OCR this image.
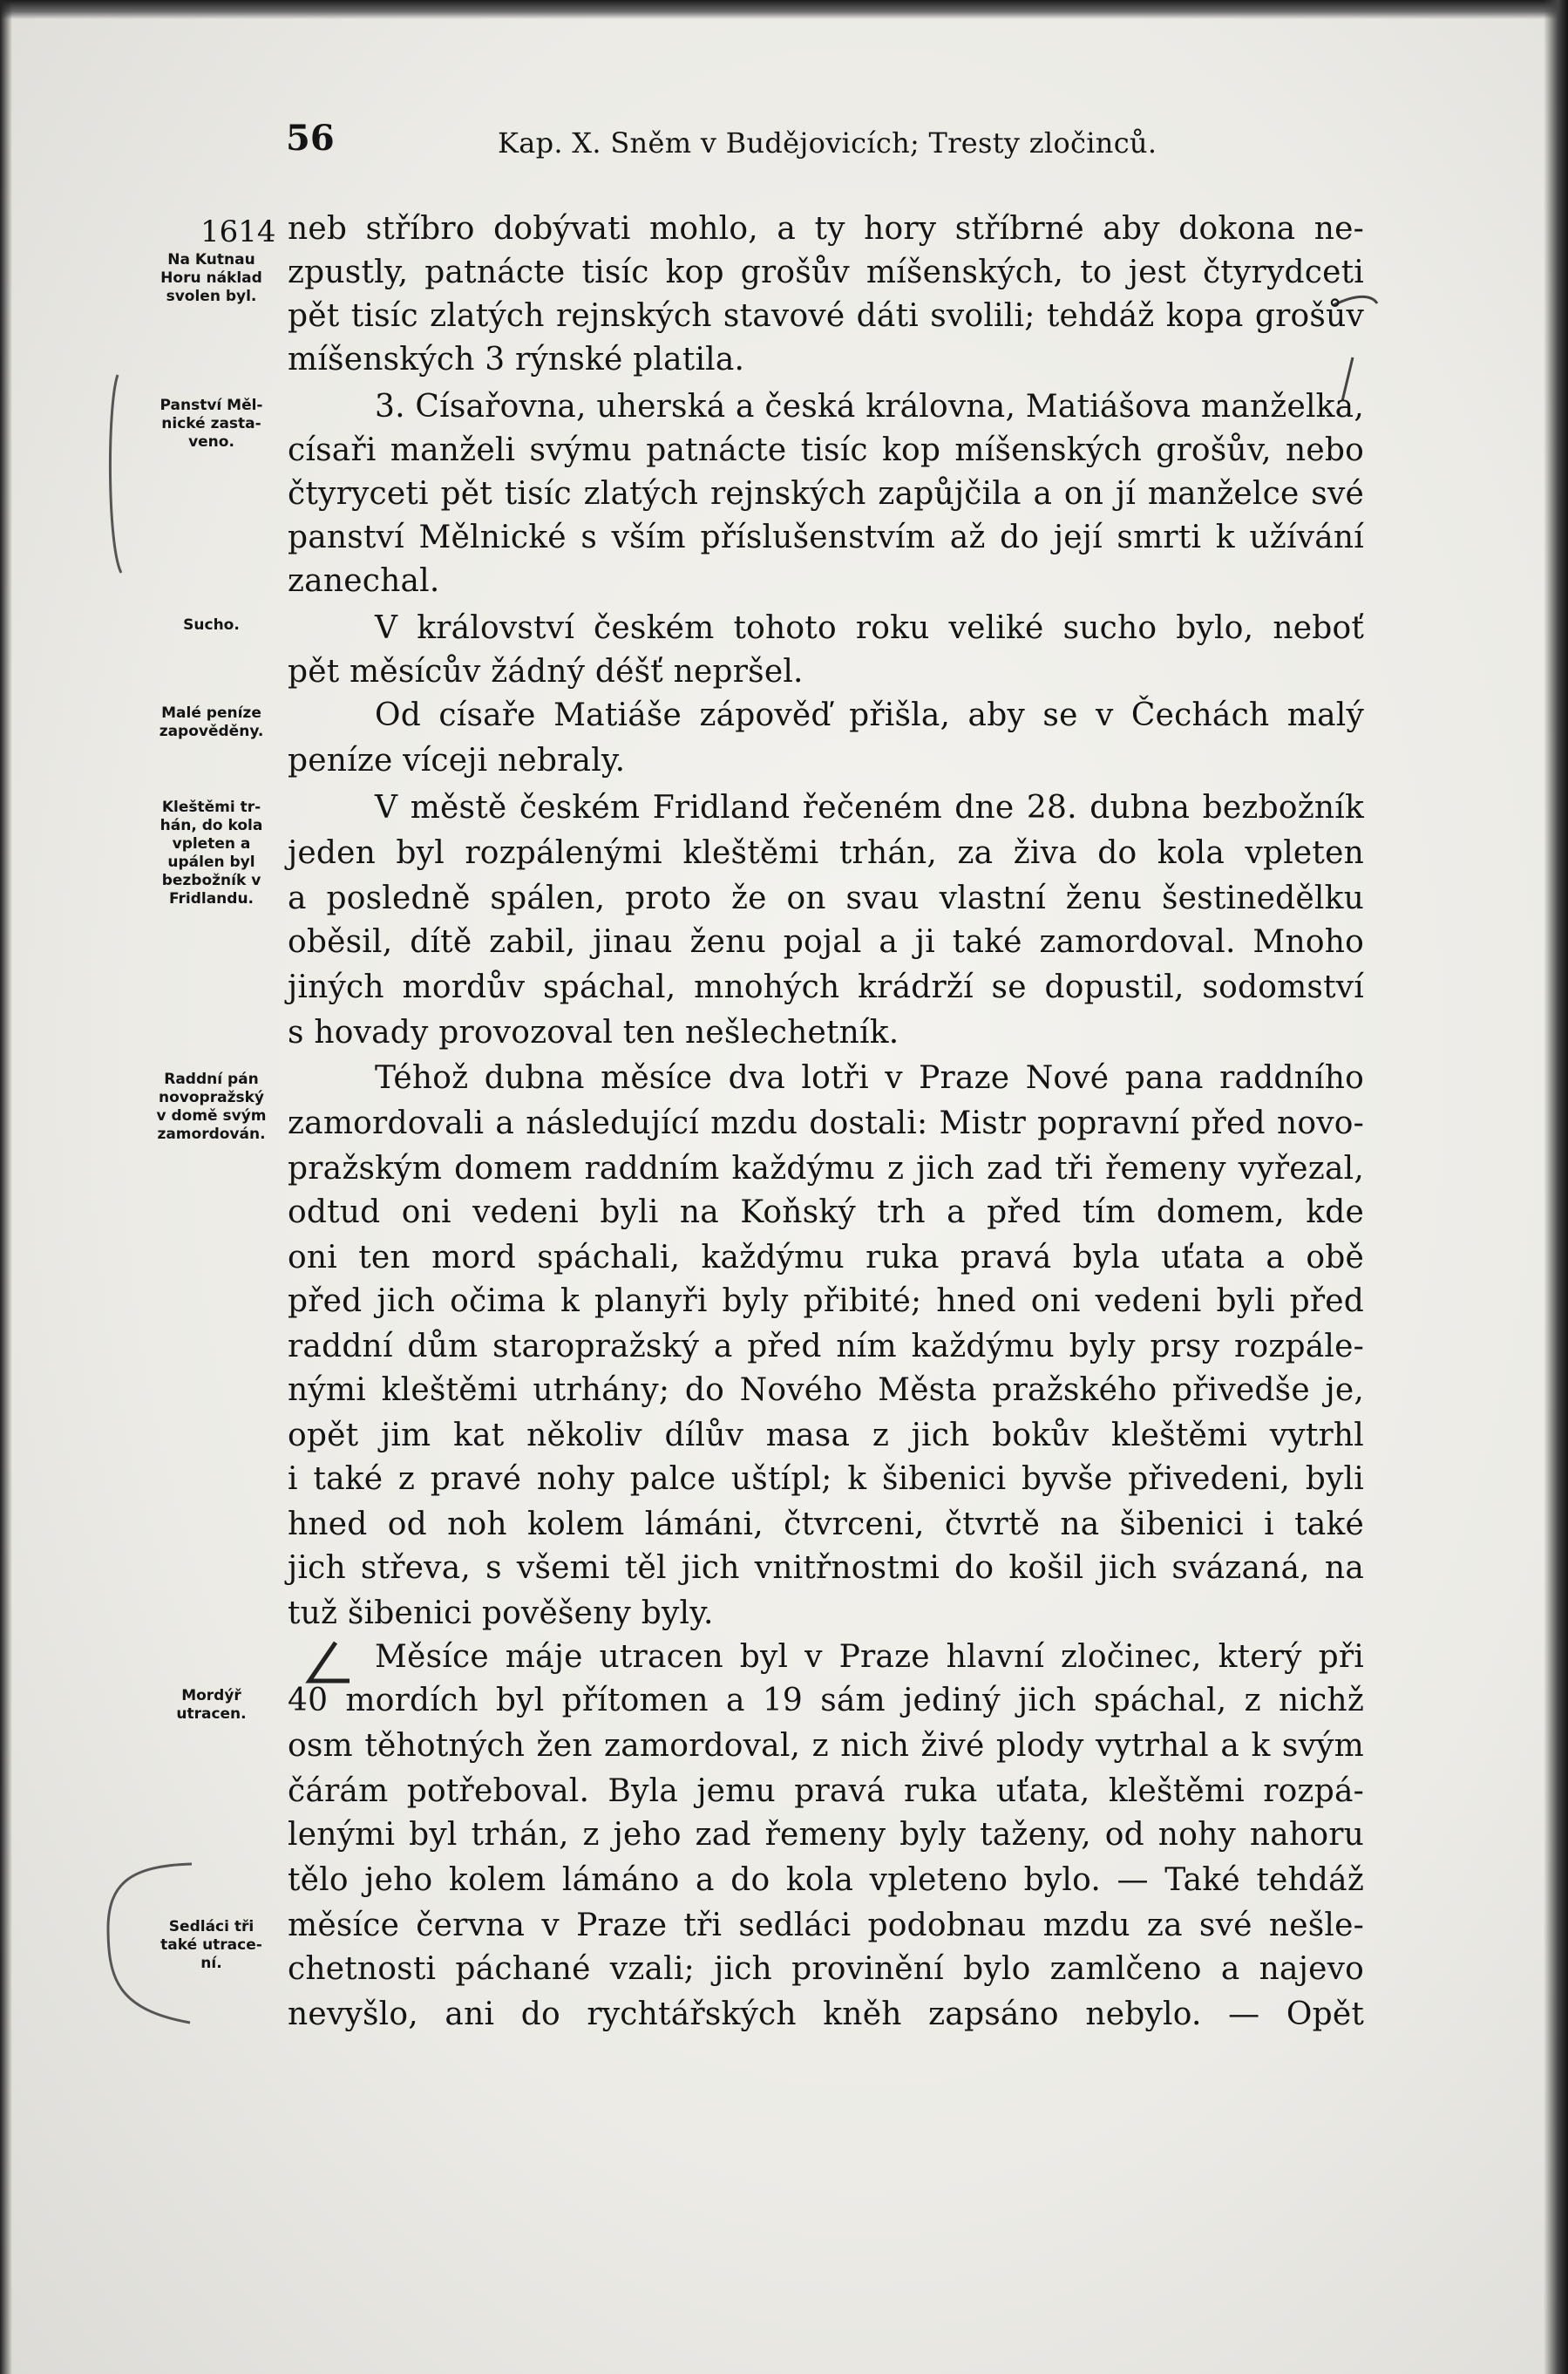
56	Kap. X. Sněm v Budějovicích; Tresty zločinců.
1614
Na Kutnau
Horu náklad
svolen byl.
Panství Měl-
nické zasta-
veno.
Sucho.
Malé peníze
zapověděny.
Kleštěmi tr-
hán, do kola
vpleten a
upálen byl
bezbožník v
Fridlandu.
Raddní pán
novopražský
v domě svým
zamordován.
Mordýř
utracen.
Sedláci tři
také utrace-
ní.
neb stříbro dobývati mohlo, a ty hory stříbrné aby dokona ne-
zpustly, patnácte tisíc kop grošův míšenských, to jest čtyrydceti
pět tisíc zlatých rejnských stavové dáti svolili; tehdáž kopa grošův
míšenských 3 rýnské platila.
3. Císařovna, uherská a česká královna, Matiášova manželka,
císaři manželi svýmu patnácte tisíc kop míšenských grošův, nebo
čtyryceti pět tisíc zlatých rejnských zapůjčila a on jí manželce své
panství Mělnické s vším příslušenstvím až do její smrti k užívání
zanechal.
V království českém tohoto roku veliké sucho bylo, neboť
pět měsícův žádný déšť nepršel.
Od císaře Matiáše zápověď přišla, aby se v Čechách malý
peníze víceji nebraly.
V městě českém Fridland řečeném dne 28. dubna bezbožník
jeden byl rozpálenými kleštěmi trhán, za živa do kola vpleten
a posledně spálen, proto že on svau vlastní ženu šestinedělku
oběsil, dítě zabil, jinau ženu pojal a ji také zamordoval. Mnoho
jiných mordův spáchal, mnohých krádrží se dopustil, sodomství
s hovady provozoval ten nešlechetník.
Téhož dubna měsíce dva lotři v Praze Nové pana raddního
zamordovali a následující mzdu dostali: Mistr popravní před novo-
pražským domem raddním každýmu z jich zad tři řemeny vyřezal,
odtud oni vedeni byli na Koňský trh a před tím domem, kde
oni ten mord spáchali, každýmu ruka pravá byla uťata a obě
před jich očima k planyři byly přibité; hned oni vedeni byli před
raddní dům staropražský a před ním každýmu byly prsy rozpále-
nými kleštěmi utrhány; do Nového Města pražského přivedše je,
opět jim kat několiv dílův masa z jich bokův kleštěmi vytrhl
i také z pravé nohy palce uštípl; k šibenici byvše přivedeni, byli
hned od noh kolem lámáni, čtvrceni, čtvrtě na šibenici i také
jich střeva, s všemi těl jich vnitřnostmi do košil jich svázaná, na
tuž šibenici pověšeny byly.
Měsíce máje utracen byl v Praze hlavní zločinec, který při
40 mordích byl přítomen a 19 sám jediný jich spáchal, z nichž
osm těhotných žen zamordoval, z nich živé plody vytrhal a k svým
čárám potřeboval. Byla jemu pravá ruka uťata, kleštěmi rozpá-
lenými byl trhán, z jeho zad řemeny byly taženy, od nohy nahoru
tělo jeho kolem lámáno a do kola vpleteno bylo. — Také tehdáž
měsíce června v Praze tři sedláci podobnau mzdu za své nešle-
chetnosti páchané vzali; jich provinění bylo zamlčeno a najevo
nevyšlo, ani do rychtářských kněh zapsáno nebylo. — Opět
